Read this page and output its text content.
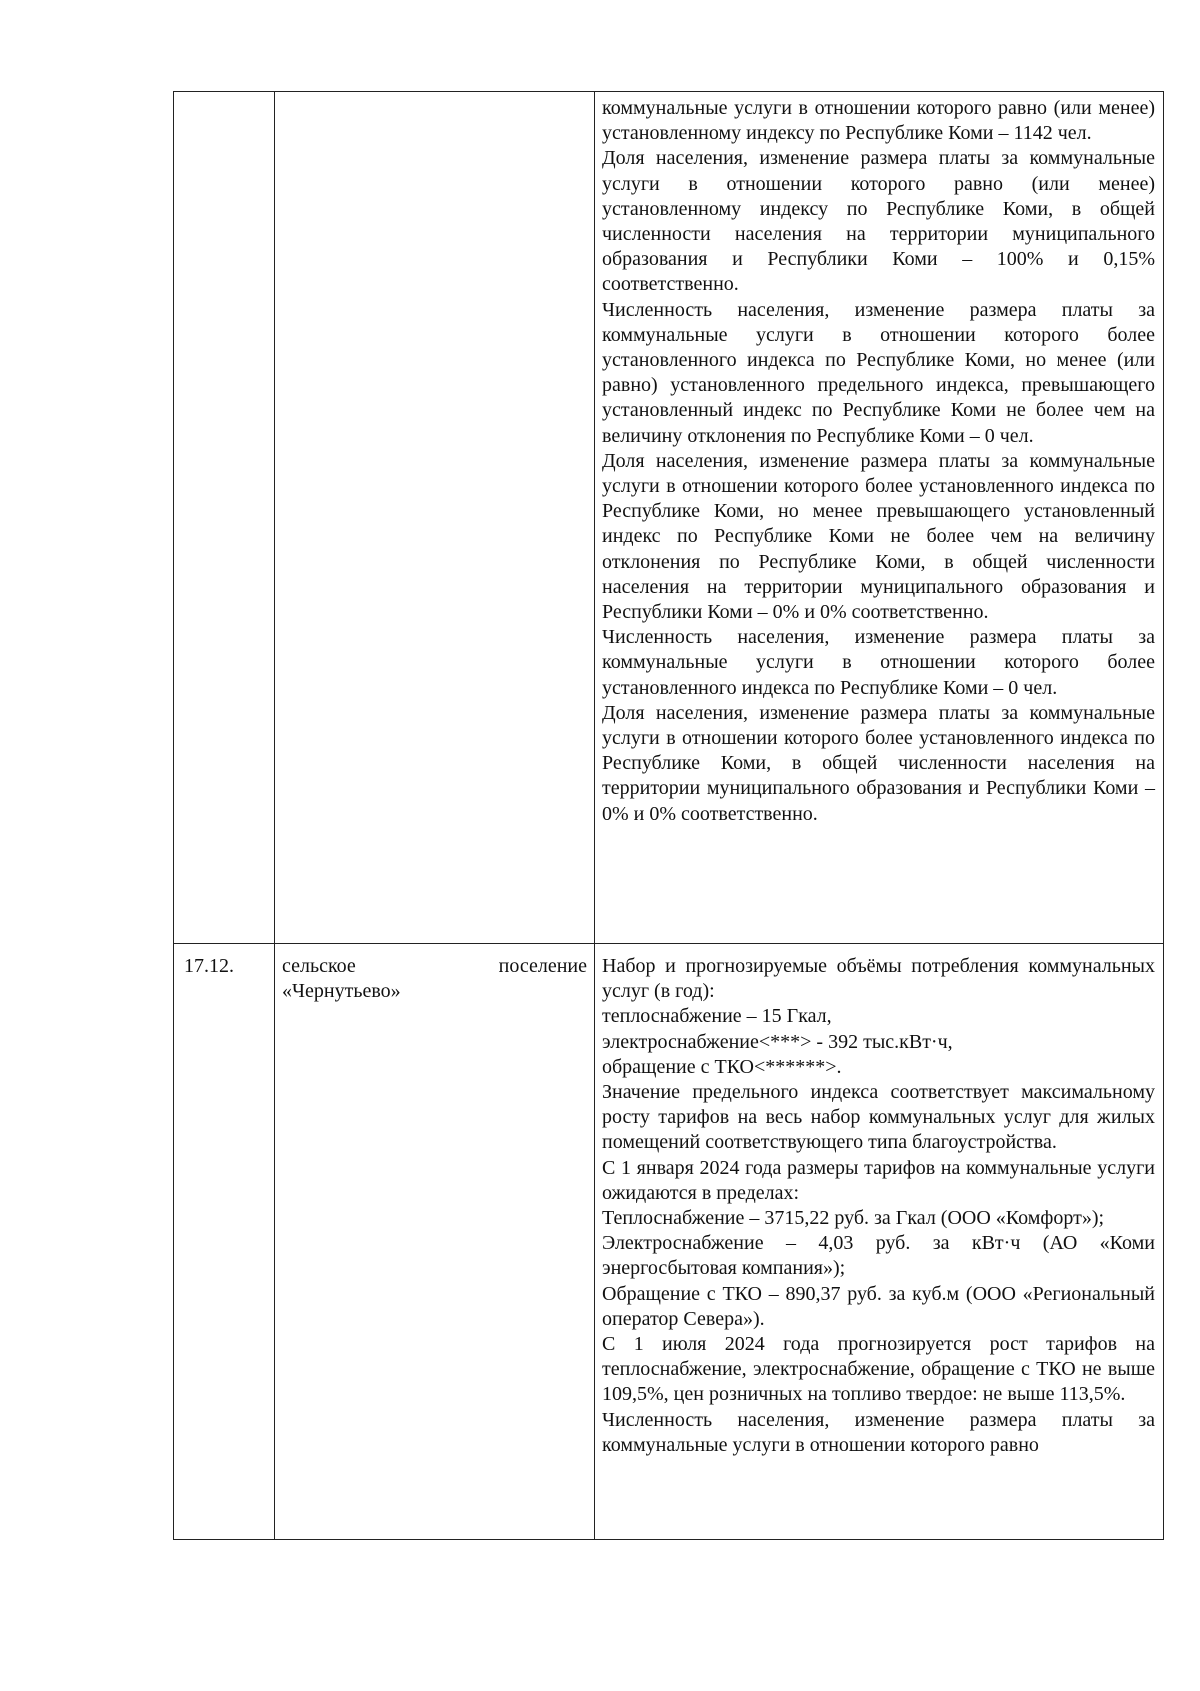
коммунальные услуги в отношении которого равно (или менее) установленному индексу по Республике Коми – 1142 чел.

Доля населения, изменение размера платы за коммунальные услуги в отношении которого равно (или менее) установленному индексу по Республике Коми, в общей численности населения на территории муниципального образования и Республики Коми – 100% и 0,15% соответственно.

Численность населения, изменение размера платы за коммунальные услуги в отношении которого более установленного индекса по Республике Коми, но менее (или равно) установленного предельного индекса, превышающего установленный индекс по Республике Коми не более чем на величину отклонения по Республике Коми – 0 чел.

Доля населения, изменение размера платы за коммунальные услуги в отношении которого более установленного индекса по Республике Коми, но менее превышающего установленный индекс по Республике Коми не более чем на величину отклонения по Республике Коми, в общей численности населения на территории муниципального образования и Республики Коми – 0% и 0% соответственно.

Численность населения, изменение размера платы за коммунальные услуги в отношении которого более установленного индекса по Республике Коми – 0 чел.

Доля населения, изменение размера платы за коммунальные услуги в отношении которого более установленного индекса по Республике Коми, в общей численности населения на территории муниципального образования и Республики Коми – 0% и 0% соответственно.

17.12. сельское	поселение
«Чернутьево»

Набор и прогнозируемые объёмы потребления коммунальных услуг (в год):

теплоснабжение – 15 Гкал,

электроснабжение<***> - 392 тыс.кВт·ч,

обращение с ТКО<******>.

Значение предельного индекса соответствует максимальному росту тарифов на весь набор коммунальных услуг для жилых помещений соответствующего типа благоустройства.

С 1 января 2024 года размеры тарифов на коммунальные услуги ожидаются в пределах:

Теплоснабжение – 3715,22 руб. за Гкал (ООО «Комфорт»);

Электроснабжение – 4,03 руб. за кВт·ч (АО «Коми энергосбытовая компания»);

Обращение с ТКО – 890,37 руб. за куб.м (ООО «Региональный оператор Севера»).

С 1 июля 2024 года прогнозируется рост тарифов на теплоснабжение, электроснабжение, обращение с ТКО не выше 109,5%, цен розничных на топливо твердое: не выше 113,5%.

Численность населения, изменение размера платы за коммунальные услуги в отношении которого равно
